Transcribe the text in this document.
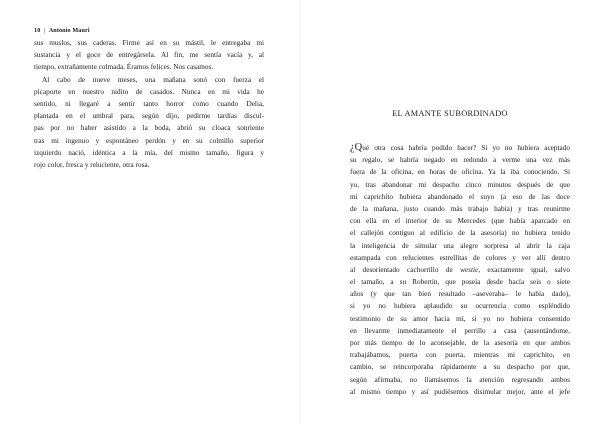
10 | Antonio Mauri
sus muslos, sus caderas. Firme así en su mástil, le entregaba mi
sustancia y el goce de entregársela. Al fin, me sentía vacía y, al
tiempo, extrañamente colmada. Éramos felices. Nos casamos.
Al cabo de nueve meses, una mañana sonó con fuerza el
picaporte en nuestro nidito de casados. Nunca en mi vida he
sentido, ni llegaré a sentir tanto horror como cuando Delia,
plantada en el umbral para, según dijo, pedirme tardías discul-
pas por no haber asistido a la boda, abrió su cloaca sonriente
tras mi ingenuo y espontáneo perdón y en su colmillo superior
izquierdo nació, idéntica a la mía, del mismo tamaño, figura y
rojo color, fresca y reluciente, otra rosa.
EL AMANTE SUBORDINADO
¿Qué otra cosa habría podido hacer? Si yo no hubiera aceptado
su regalo, se habría negado en redondo a verme una vez más
fuera de la oficina, en horas de oficina. Ya la iba conociendo. Si
yo, tras abandonar mi despacho cinco minutos después de que
mi caprichito hubiera abandonado el suyo (a eso de las doce
de la mañana, justo cuando más trabajo había) y tras reunirme
con ella en el interior de su Mercedes (que había aparcado en
el callejón contiguo al edificio de la asesoría) no hubiera tenido
la inteligencia de simular una alegre sorpresa al abrir la caja
estampada con relucientes estrellitas de colores y ver allí dentro
al desorientado cachorrillo de westie, exactamente igual, salvo
el tamaño, a su Robertín, que poseía desde hacía seis o siete
años (y que tan bien resultado –aseveraba– le había dado),
si yo no hubiera aplaudido su ocurrencia como espléndido
testimonio de su amor hacia mí, si yo no hubiera consentido
en llevarme inmediatamente el perrillo a casa (ausentándome,
por más tiempo de lo aconsejable, de la asesoría en que ambos
trabajábamos, puerta con puerta, mientras mi caprichito, en
cambio, se reincorporaba rápidamente a su despacho por que,
según afirmaba, no llamásemos la atención regresando ambos
al mismo tiempo y así pudiésemos disimular mejor, ante el jefe
